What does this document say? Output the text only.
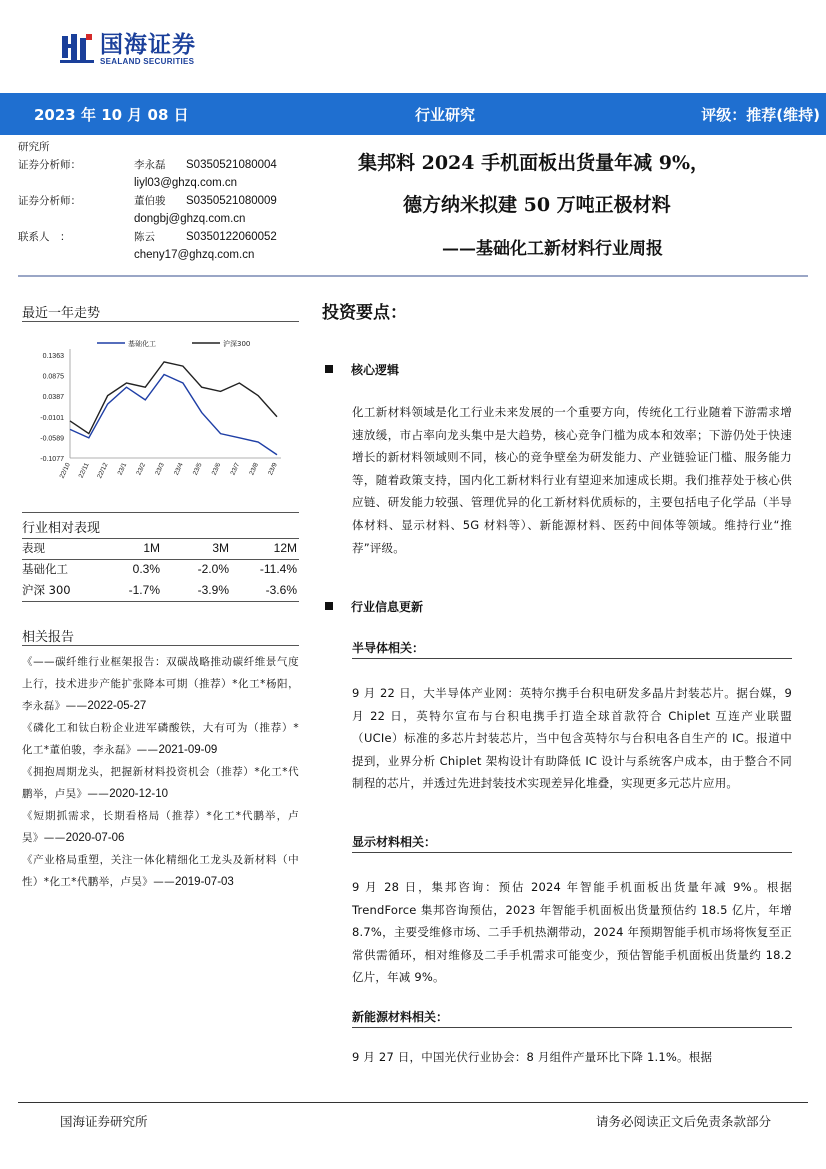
国海证券
SEALAND SECURITIES
2023 年 10 月 08 日	行业研究	评级：推荐(维持)
研究所
证券分析师：	李永磊	S0350521080004
liyl03@ghzq.com.cn
证券分析师：	董伯骏	S0350521080009
dongbj@ghzq.com.cn
联系人　：	陈云	S0350122060052
cheny17@ghzq.com.cn
集邦料 2024 手机面板出货量年减 9%，
德方纳米拟建 50 万吨正极材料
——基础化工新材料行业周报
最近一年走势
0.1363
0.0875
0.0387
-0.0101
-0.0589
-0.1077
22/10 22/11 22/12 23/1 23/2 23/3 23/4 23/5 23/6 23/7 23/8 23/9
基础化工	沪深300
行业相对表现
表现	1M	3M	12M
基础化工	0.3%	-2.0%	-11.4%
沪深 300	-1.7%	-3.9%	-3.6%
相关报告

《——碳纤维行业框架报告：双碳战略推动碳纤维景气度上行，技术进步产能扩张降本可期（推荐）*化工*杨阳，李永磊》——2022-05-27

《磷化工和钛白粉企业进军磷酸铁，大有可为（推荐）*化工*董伯骏，李永磊》——2021-09-09

《拥抱周期龙头，把握新材料投资机会（推荐）*化工*代鹏举，卢昊》——2020-12-10

《短期抓需求，长期看格局（推荐）*化工*代鹏举，卢昊》——2020-07-06

《产业格局重塑，关注一体化精细化工龙头及新材料（中性）*化工*代鹏举，卢昊》——2019-07-03

投资要点：
核心逻辑
化工新材料领域是化工行业未来发展的一个重要方向，传统化工行业随着下游需求增速放缓，市占率向龙头集中是大趋势，核心竞争门槛为成本和效率；下游仍处于快速增长的新材料领域则不同，核心的竞争壁垒为研发能力、产业链验证门槛、服务能力等，随着政策支持，国内化工新材料行业有望迎来加速成长期。我们推荐处于核心供应链、研发能力较强、管理优异的化工新材料优质标的，主要包括电子化学品（半导体材料、显示材料、5G 材料等）、新能源材料、医药中间体等领域。维持行业“推荐”评级。
行业信息更新
半导体相关：
9 月 22 日，大半导体产业网：英特尔携手台积电研发多晶片封装芯片。据台媒，9 月 22 日，英特尔宣布与台积电携手打造全球首款符合 Chiplet 互连产业联盟（UCIe）标准的多芯片封装芯片，当中包含英特尔与台积电各自生产的 IC。报道中提到，业界分析 Chiplet 架构设计有助降低 IC 设计与系统客户成本，由于整合不同制程的芯片，并透过先进封装技术实现差异化堆叠，实现更多元芯片应用。
显示材料相关：
9 月 28 日，集邦咨询：预估 2024 年智能手机面板出货量年减 9%。根据 TrendForce 集邦咨询预估，2023 年智能手机面板出货量预估约 18.5 亿片，年增 8.7%，主要受维修市场、二手手机热潮带动，2024 年预期智能手机市场将恢复至正常供需循环，相对维修及二手手机需求可能变少，预估智能手机面板出货量约 18.2 亿片，年减 9%。
新能源材料相关：
9 月 27 日，中国光伏行业协会：8 月组件产量环比下降 1.1%。根据
国海证券研究所	请务必阅读正文后免责条款部分
